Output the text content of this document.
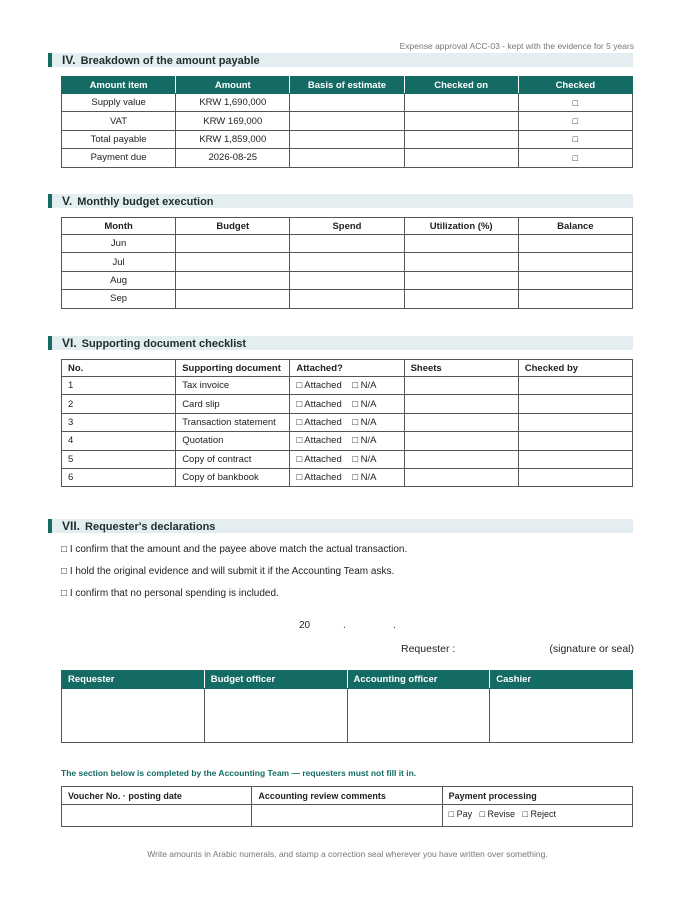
Expense approval ACC-03 - kept with the evidence for 5 years
IV. Breakdown of the amount payable
Amount item	Amount	Basis of estimate	Checked on	Checked
Supply value	KRW 1,690,000			□
VAT	KRW 169,000			□
Total payable	KRW 1,859,000			□
Payment due	2026-08-25			□
V. Monthly budget execution
Month	Budget	Spend	Utilization (%)	Balance
Jun				
Jul				
Aug				
Sep				
VI. Supporting document checklist
No.	Supporting document	Attached?	Sheets	Checked by
1	Tax invoice	□ Attached    □ N/A		
2	Card slip	□ Attached    □ N/A		
3	Transaction statement	□ Attached    □ N/A		
4	Quotation	□ Attached    □ N/A		
5	Copy of contract	□ Attached    □ N/A		
6	Copy of bankbook	□ Attached    □ N/A		
VII. Requester's declarations
□ I confirm that the amount and the payee above match the actual transaction.
□ I hold the original evidence and will submit it if the Accounting Team asks.
□ I confirm that no personal spending is included.
20	.	.
Requester :	(signature or seal)
Requester	Budget officer	Accounting officer	Cashier

The section below is completed by the Accounting Team — requesters must not fill it in.
Voucher No. · posting date	Accounting review comments	Payment processing
		□ Pay   □ Revise   □ Reject
Write amounts in Arabic numerals, and stamp a correction seal wherever you have written over something.
